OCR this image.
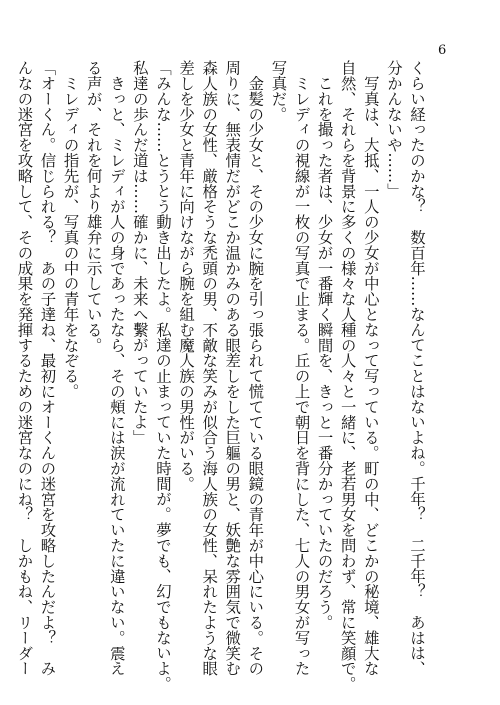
6

くらい経ったのかな？　数百年……なんてことはないよね。千年？　二千年？　あはは、

分かんないや……」

　写真は、大抵、一人の少女が中心となって写っている。町の中、どこかの秘境、雄大な

自然、それらを背景に多くの様々な人種の人々と一緒に、老若男女を問わず、常に笑顔で。

　これを撮った者は、少女が一番輝く瞬間を、きっと一番分かっていたのだろう。

　ミレディの視線が一枚の写真で止まる。丘の上で朝日を背にした、七人の男女が写った

写真だ。

　金髪の少女と、その少女に腕を引っ張られて慌てている眼鏡の青年が中心にいる。その

周りに、無表情だがどこか温かみのある眼差しをした巨軀の男と、妖艶な雰囲気で微笑む

森人族の女性、厳格そうな禿頭の男、不敵な笑みが似合う海人族の女性、呆れたような眼

差しを少女と青年に向けながら腕を組む魔人族の男性がいる。

「みんな……とうとう動き出したよ。私達の止まっていた時間が。夢でも、幻でもないよ。

私達の歩んだ道は……確かに、未来へ繫がっていたよ」

　きっと、ミレディが人の身であったなら、その頰には涙が流れていたに違いない。震え

る声が、それを何より雄弁に示している。

　ミレディの指先が、写真の中の青年をなぞる。

「オーくん。信じられる？　あの子達ね、最初にオーくんの迷宮を攻略したんだよ？　み

んなの迷宮を攻略して、その成果を発揮するための迷宮なのにね？　しかもね、リーダー
